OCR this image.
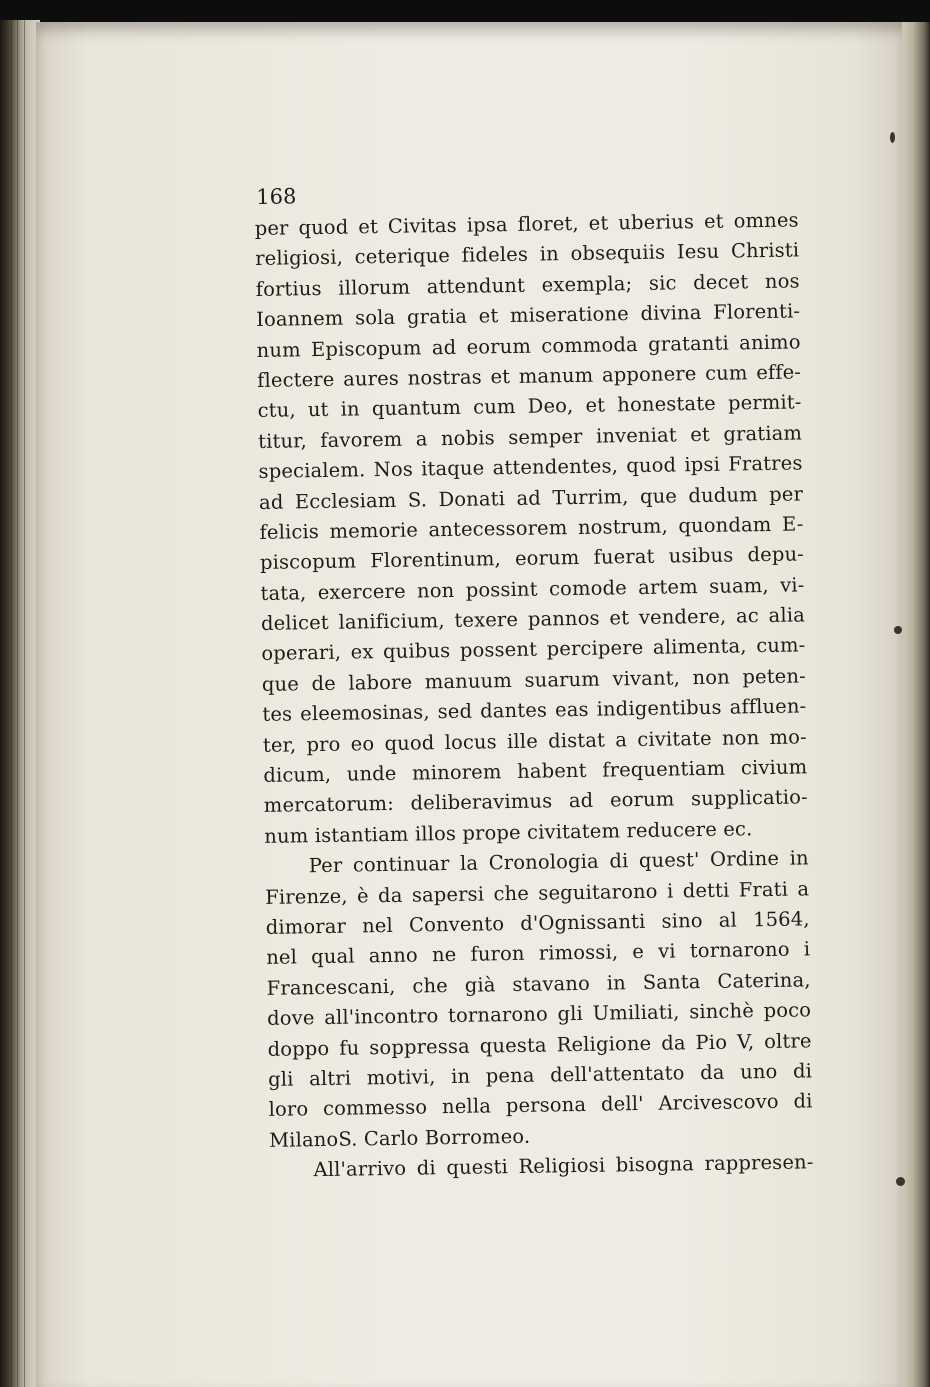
168
per quod et Civitas ipsa floret, et uberius et omnes
religiosi, ceterique fideles in obsequiis Iesu Christi
fortius illorum attendunt exempla; sic decet nos
Ioannem sola gratia et miseratione divina Florenti-
num Episcopum ad eorum commoda gratanti animo
flectere aures nostras et manum apponere cum effe-
ctu, ut in quantum cum Deo, et honestate permit-
titur, favorem a nobis semper inveniat et gratiam
specialem. Nos itaque attendentes, quod ipsi Fratres
ad Ecclesiam S. Donati ad Turrim, que dudum per
felicis memorie antecessorem nostrum, quondam E-
piscopum Florentinum, eorum fuerat usibus depu-
tata, exercere non possint comode artem suam, vi-
delicet lanificium, texere pannos et vendere, ac alia
operari, ex quibus possent percipere alimenta, cum-
que de labore manuum suarum vivant, non peten-
tes eleemosinas, sed dantes eas indigentibus affluen-
ter, pro eo quod locus ille distat a civitate non mo-
dicum, unde minorem habent frequentiam civium
mercatorum: deliberavimus ad eorum supplicatio-
num istantiam illos prope civitatem reducere ec.
Per continuar la Cronologia di quest' Ordine in
Firenze, è da sapersi che seguitarono i detti Frati a
dimorar nel Convento d'Ognissanti sino al 1564,
nel qual anno ne furon rimossi, e vi tornarono i
Francescani, che già stavano in Santa Caterina,
dove all'incontro tornarono gli Umiliati, sinchè poco
doppo fu soppressa questa Religione da Pio V, oltre
gli altri motivi, in pena dell'attentato da uno di
loro commesso nella persona dell' Arcivescovo di
MilanoS. Carlo Borromeo.
All'arrivo di questi Religiosi bisogna rappresen-
